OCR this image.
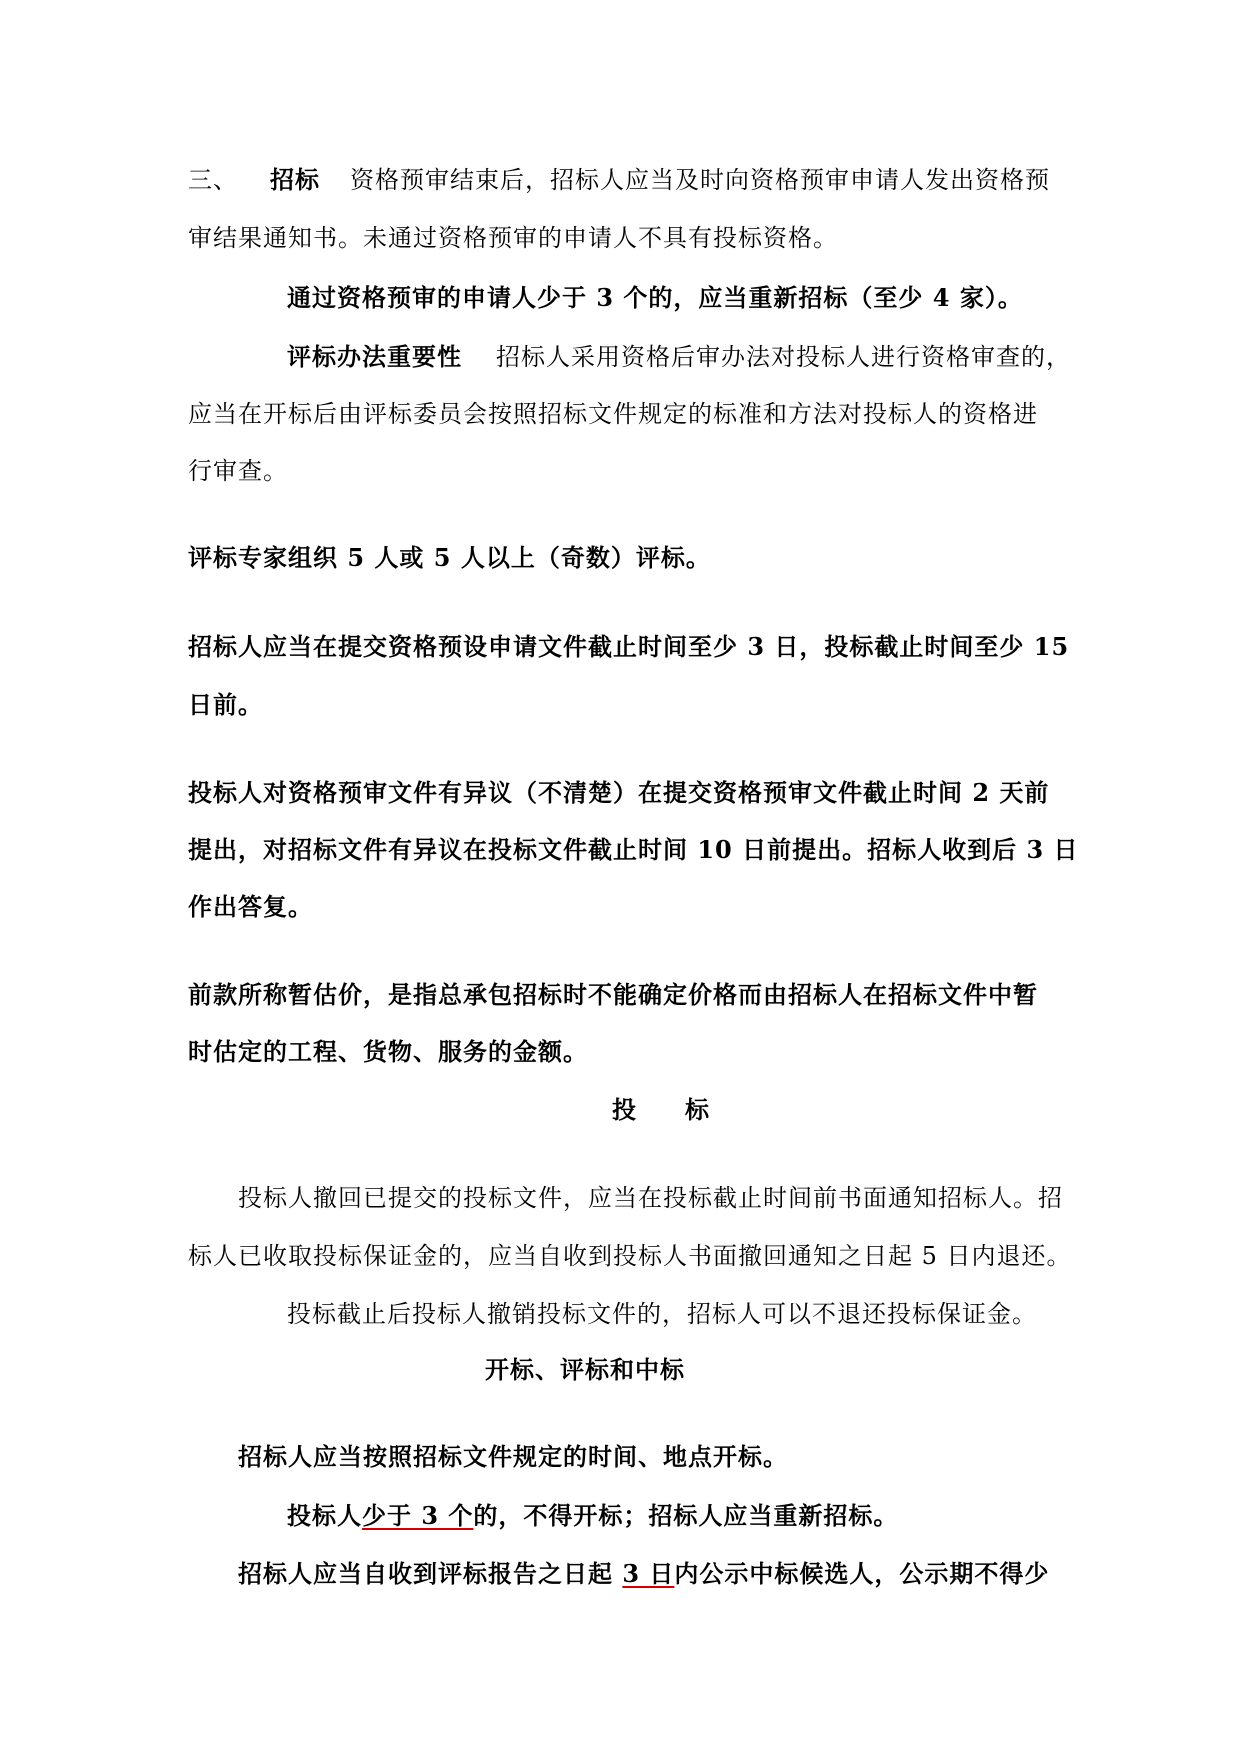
三、 招标 资格预审结束后，招标人应当及时向资格预审申请人发出资格预
审结果通知书。未通过资格预审的申请人不具有投标资格。
通过资格预审的申请人少于 3 个的，应当重新招标（至少 4 家）。
评标办法重要性 招标人采用资格后审办法对投标人进行资格审查的，
应当在开标后由评标委员会按照招标文件规定的标准和方法对投标人的资格进
行审查。
评标专家组织 5 人或 5 人以上（奇数）评标。
招标人应当在提交资格预设申请文件截止时间至少 3 日，投标截止时间至少 15
日前。
投标人对资格预审文件有异议（不清楚）在提交资格预审文件截止时间 2 天前
提出，对招标文件有异议在投标文件截止时间 10 日前提出。招标人收到后 3 日
作出答复。
前款所称暂估价，是指总承包招标时不能确定价格而由招标人在招标文件中暂
时估定的工程、货物、服务的金额。
投 标
投标人撤回已提交的投标文件，应当在投标截止时间前书面通知招标人。招
标人已收取投标保证金的，应当自收到投标人书面撤回通知之日起 5 日内退还。
投标截止后投标人撤销投标文件的，招标人可以不退还投标保证金。
开标、评标和中标
招标人应当按照招标文件规定的时间、地点开标。
投标人少于 3 个的，不得开标；招标人应当重新招标。
招标人应当自收到评标报告之日起 3 日内公示中标候选人，公示期不得少
